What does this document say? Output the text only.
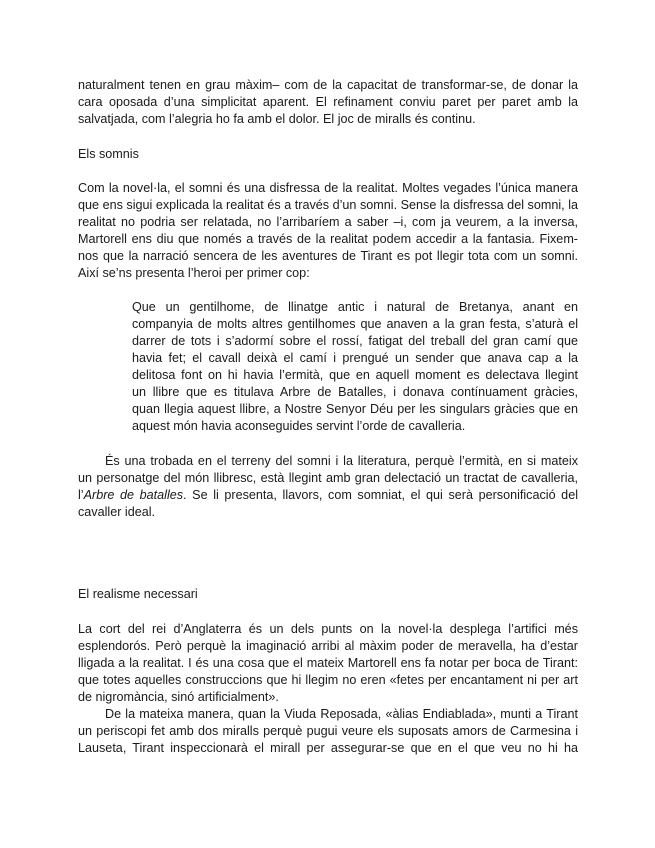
naturalment tenen en grau màxim– com de la capacitat de transformar-se, de donar la
cara oposada d’una simplicitat aparent. El refinament conviu paret per paret amb la
salvatjada, com l’alegria ho fa amb el dolor. El joc de miralls és continu.
Els somnis
Com la novel·la, el somni és una disfressa de la realitat. Moltes vegades l’única manera
que ens sigui explicada la realitat és a través d’un somni. Sense la disfressa del somni, la
realitat no podria ser relatada, no l’arribaríem a saber –i, com ja veurem, a la inversa,
Martorell ens diu que només a través de la realitat podem accedir a la fantasia. Fixem-
nos que la narració sencera de les aventures de Tirant es pot llegir tota com un somni.
Així se’ns presenta l’heroi per primer cop:
Que un gentilhome, de llinatge antic i natural de Bretanya, anant en
companyia de molts altres gentilhomes que anaven a la gran festa, s’aturà el
darrer de tots i s’adormí sobre el rossí, fatigat del treball del gran camí que
havia fet; el cavall deixà el camí i prengué un sender que anava cap a la
delitosa font on hi havia l’ermità, que en aquell moment es delectava llegint
un llibre que es titulava Arbre de Batalles, i donava contínuament gràcies,
quan llegia aquest llibre, a Nostre Senyor Déu per les singulars gràcies que en
aquest món havia aconseguides servint l’orde de cavalleria.
És una trobada en el terreny del somni i la literatura, perquè l’ermità, en si mateix
un personatge del món llibresc, està llegint amb gran delectació un tractat de cavalleria,
l’Arbre de batalles. Se li presenta, llavors, com somniat, el qui serà personificació del
cavaller ideal.
El realisme necessari
La cort del rei d’Anglaterra és un dels punts on la novel·la desplega l’artifici més
esplendorós. Però perquè la imaginació arribi al màxim poder de meravella, ha d’estar
lligada a la realitat. I és una cosa que el mateix Martorell ens fa notar per boca de Tirant:
que totes aquelles construccions que hi llegim no eren «fetes per encantament ni per art
de nigromància, sinó artificialment».
De la mateixa manera, quan la Viuda Reposada, «àlias Endiablada», munti a Tirant
un periscopi fet amb dos miralls perquè pugui veure els suposats amors de Carmesina i
Lauseta, Tirant inspeccionarà el mirall per assegurar-se que en el que veu no hi ha
